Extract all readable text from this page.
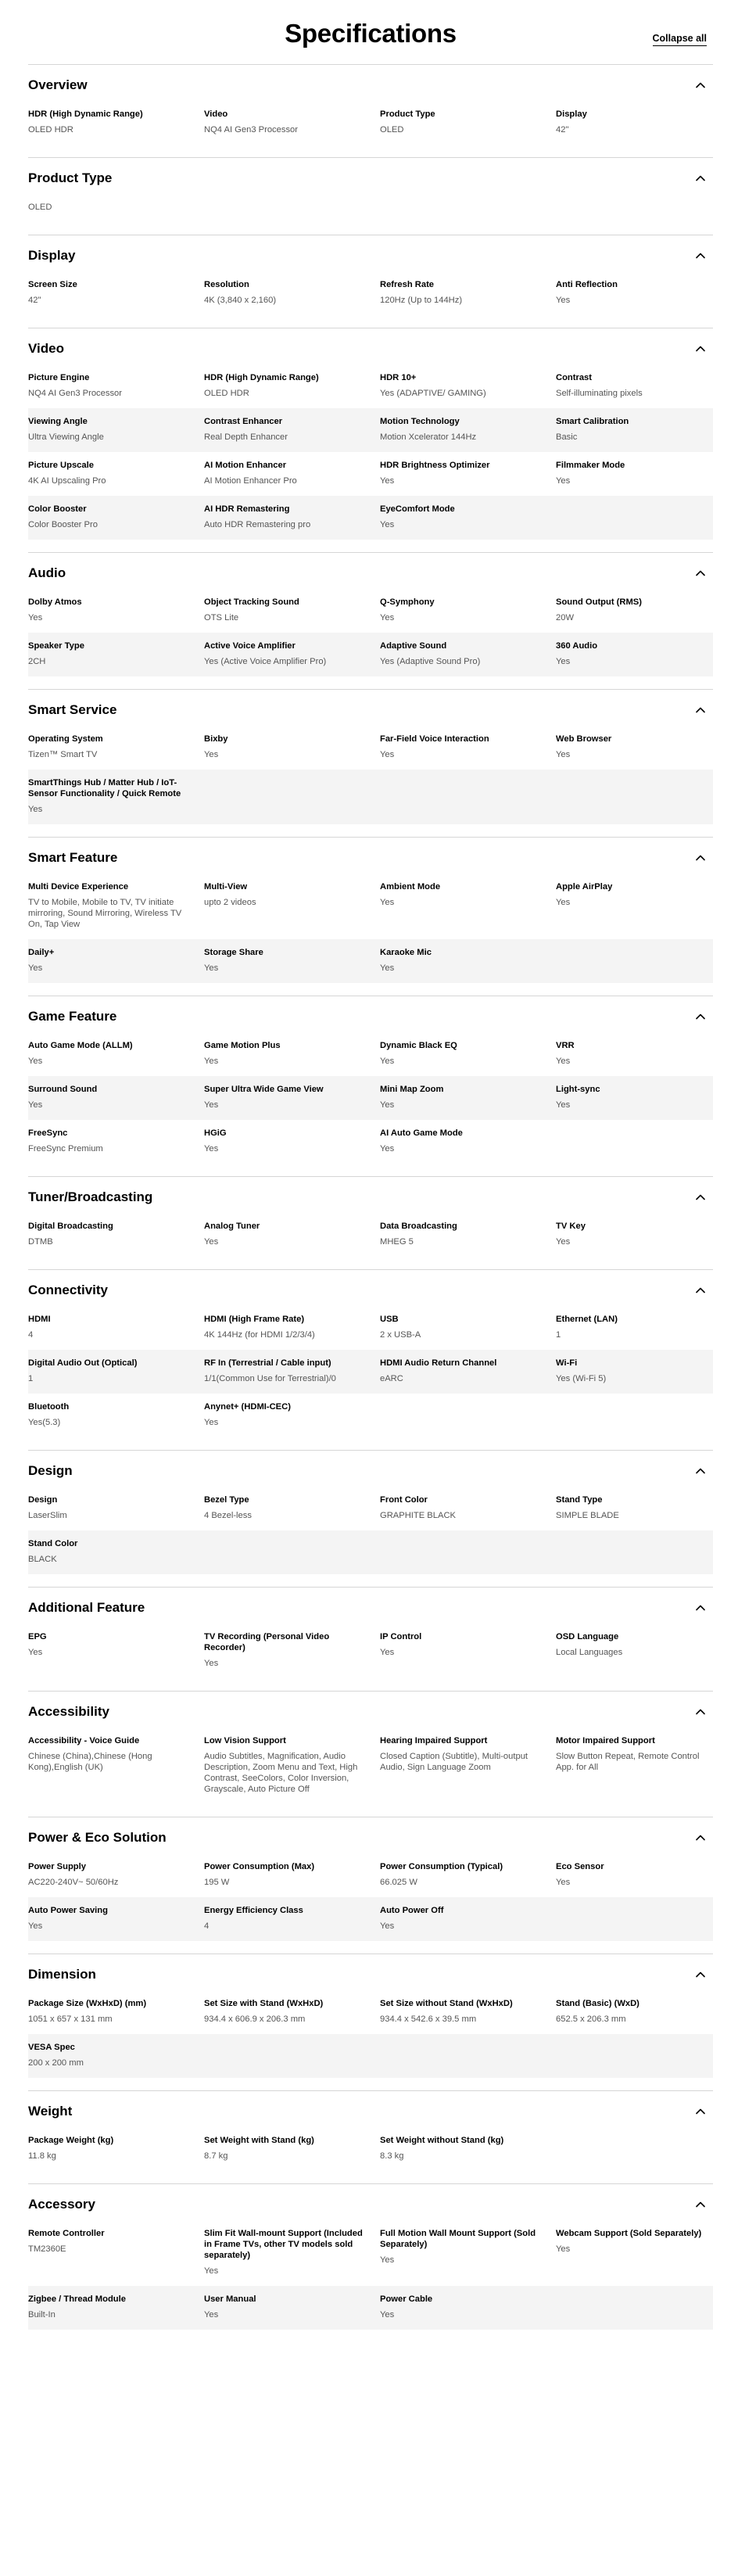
Specifications	Collapse all
Overview
HDR (High Dynamic Range)
OLED HDR
Video
NQ4 AI Gen3 Processor
Product Type
OLED
Display
42"
Product Type
OLED
Display
Screen Size
42"
Resolution
4K (3,840 x 2,160)
Refresh Rate
120Hz (Up to 144Hz)
Anti Reflection
Yes
Video
Picture Engine
NQ4 AI Gen3 Processor
HDR (High Dynamic Range)
OLED HDR
HDR 10+
Yes (ADAPTIVE/ GAMING)
Contrast
Self-illuminating pixels
Viewing Angle
Ultra Viewing Angle
Contrast Enhancer
Real Depth Enhancer
Motion Technology
Motion Xcelerator 144Hz
Smart Calibration
Basic
Picture Upscale
4K AI Upscaling Pro
AI Motion Enhancer
AI Motion Enhancer Pro
HDR Brightness Optimizer
Yes
Filmmaker Mode
Yes
Color Booster
Color Booster Pro
AI HDR Remastering
Auto HDR Remastering pro
EyeComfort Mode
Yes
Audio
Dolby Atmos
Yes
Object Tracking Sound
OTS Lite
Q-Symphony
Yes
Sound Output (RMS)
20W
Speaker Type
2CH
Active Voice Amplifier
Yes (Active Voice Amplifier Pro)
Adaptive Sound
Yes (Adaptive Sound Pro)
360 Audio
Yes
Smart Service
Operating System
Tizen™ Smart TV
Bixby
Yes
Far-Field Voice Interaction
Yes
Web Browser
Yes
SmartThings Hub / Matter Hub / IoT-Sensor Functionality / Quick Remote
Yes
Smart Feature
Multi Device Experience
TV to Mobile, Mobile to TV, TV initiate mirroring, Sound Mirroring, Wireless TV On, Tap View
Multi-View
upto 2 videos
Ambient Mode
Yes
Apple AirPlay
Yes
Daily+
Yes
Storage Share
Yes
Karaoke Mic
Yes
Game Feature
Auto Game Mode (ALLM)
Yes
Game Motion Plus
Yes
Dynamic Black EQ
Yes
VRR
Yes
Surround Sound
Yes
Super Ultra Wide Game View
Yes
Mini Map Zoom
Yes
Light-sync
Yes
FreeSync
FreeSync Premium
HGiG
Yes
AI Auto Game Mode
Yes
Tuner/Broadcasting
Digital Broadcasting
DTMB
Analog Tuner
Yes
Data Broadcasting
MHEG 5
TV Key
Yes
Connectivity
HDMI
4
HDMI (High Frame Rate)
4K 144Hz (for HDMI 1/2/3/4)
USB
2 x USB-A
Ethernet (LAN)
1
Digital Audio Out (Optical)
1
RF In (Terrestrial / Cable input)
1/1(Common Use for Terrestrial)/0
HDMI Audio Return Channel
eARC
Wi-Fi
Yes (Wi-Fi 5)
Bluetooth
Yes(5.3)
Anynet+ (HDMI-CEC)
Yes
Design
Design
LaserSlim
Bezel Type
4 Bezel-less
Front Color
GRAPHITE BLACK
Stand Type
SIMPLE BLADE
Stand Color
BLACK
Additional Feature
EPG
Yes
TV Recording (Personal Video Recorder)
Yes
IP Control
Yes
OSD Language
Local Languages
Accessibility
Accessibility - Voice Guide
Chinese (China),Chinese (Hong Kong),English (UK)
Low Vision Support
Audio Subtitles, Magnification, Audio Description, Zoom Menu and Text, High Contrast, SeeColors, Color Inversion, Grayscale, Auto Picture Off
Hearing Impaired Support
Closed Caption (Subtitle), Multi-output Audio, Sign Language Zoom
Motor Impaired Support
Slow Button Repeat, Remote Control App. for All
Power & Eco Solution
Power Supply
AC220-240V~ 50/60Hz
Power Consumption (Max)
195 W
Power Consumption (Typical)
66.025 W
Eco Sensor
Yes
Auto Power Saving
Yes
Energy Efficiency Class
4
Auto Power Off
Yes
Dimension
Package Size (WxHxD) (mm)
1051 x 657 x 131 mm
Set Size with Stand (WxHxD)
934.4 x 606.9 x 206.3 mm
Set Size without Stand (WxHxD)
934.4 x 542.6 x 39.5 mm
Stand (Basic) (WxD)
652.5 x 206.3 mm
VESA Spec
200 x 200 mm
Weight
Package Weight (kg)
11.8 kg
Set Weight with Stand (kg)
8.7 kg
Set Weight without Stand (kg)
8.3 kg
Accessory
Remote Controller
TM2360E
Slim Fit Wall-mount Support (Included in Frame TVs, other TV models sold separately)
Yes
Full Motion Wall Mount Support (Sold Separately)
Yes
Webcam Support (Sold Separately)
Yes
Zigbee / Thread Module
Built-In
User Manual
Yes
Power Cable
Yes
